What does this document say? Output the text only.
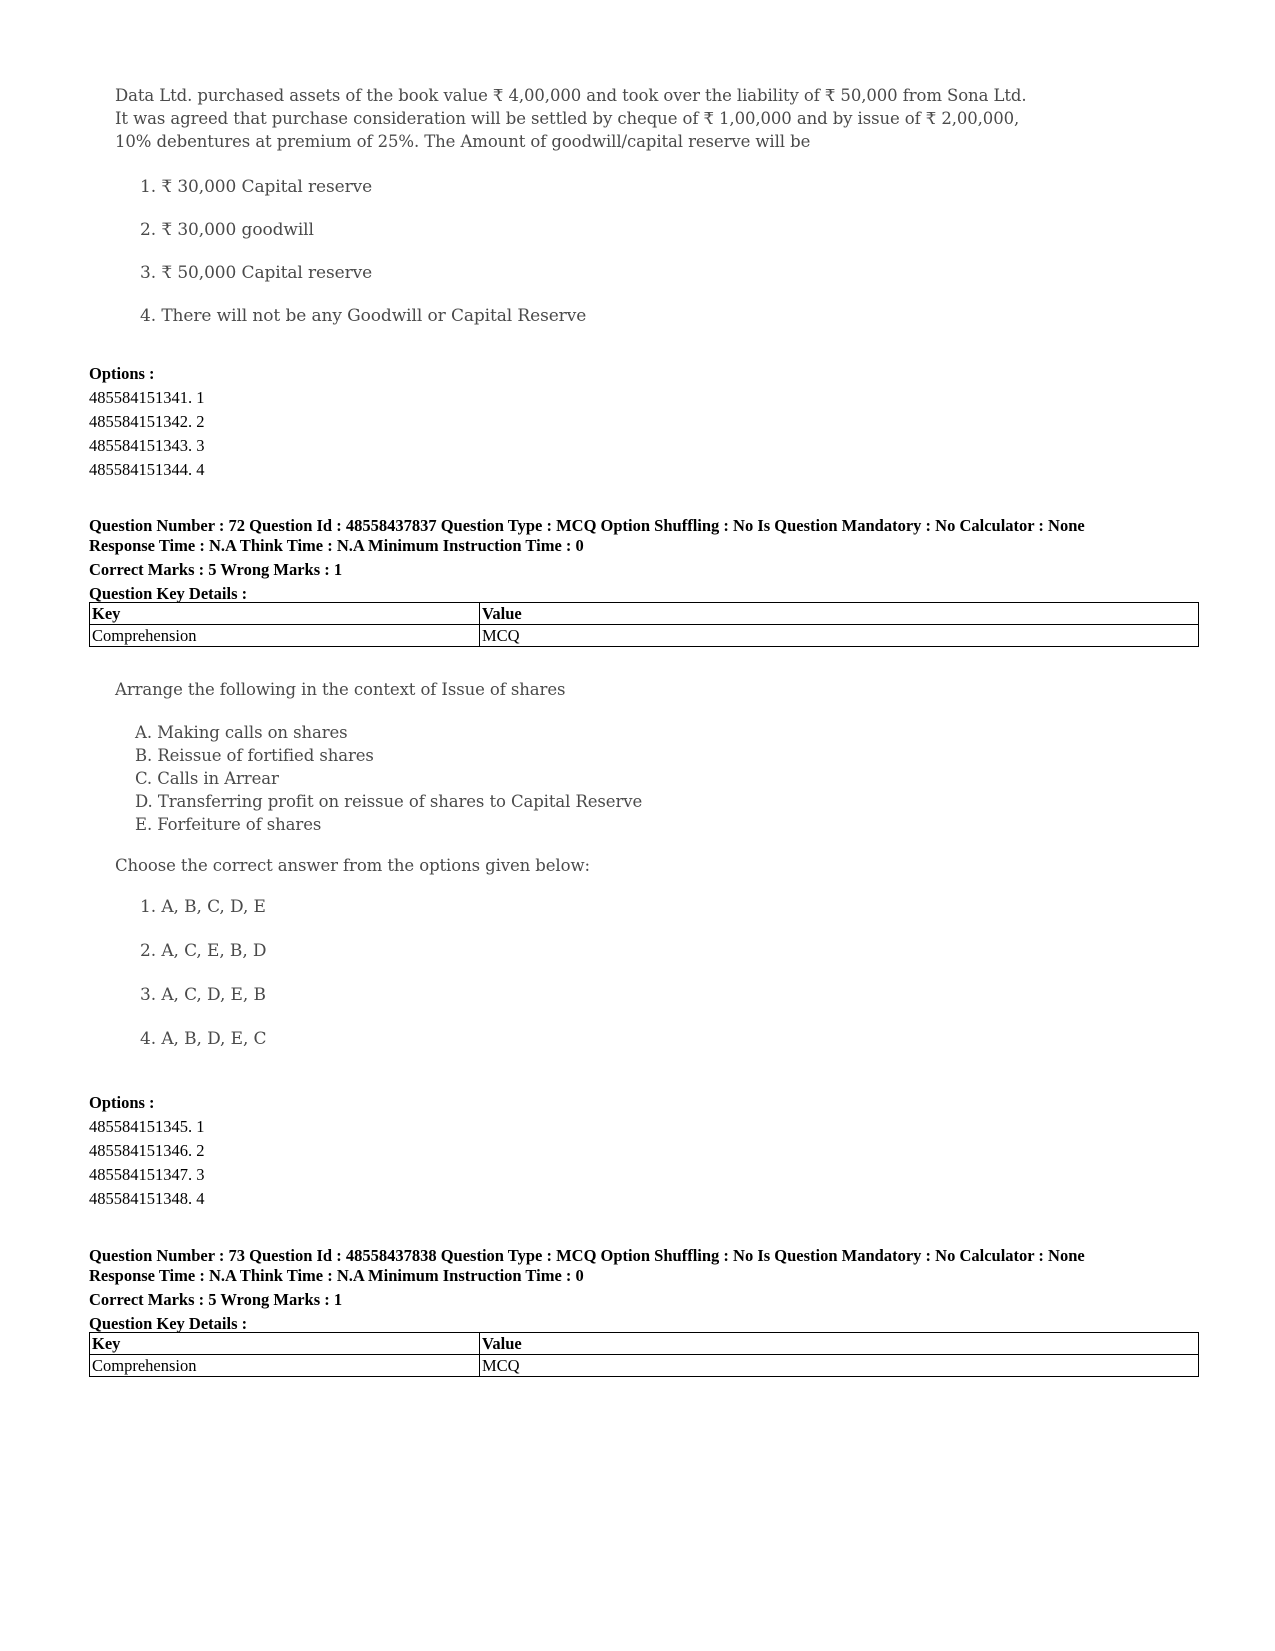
Data Ltd. purchased assets of the book value ₹ 4,00,000 and took over the liability of ₹ 50,000 from Sona Ltd.
It was agreed that purchase consideration will be settled by cheque of ₹ 1,00,000 and by issue of ₹ 2,00,000,
10% debentures at premium of 25%. The Amount of goodwill/capital reserve will be
1. ₹ 30,000 Capital reserve
2. ₹ 30,000 goodwill
3. ₹ 50,000 Capital reserve
4. There will not be any Goodwill or Capital Reserve
Options :
485584151341. 1
485584151342. 2
485584151343. 3
485584151344. 4
Question Number : 72 Question Id : 48558437837 Question Type : MCQ Option Shuffling : No Is Question Mandatory : No Calculator : None
Response Time : N.A Think Time : N.A Minimum Instruction Time : 0
Correct Marks : 5 Wrong Marks : 1
Question Key Details :
Key	Value
Comprehension	MCQ
Arrange the following in the context of Issue of shares
A. Making calls on shares
B. Reissue of fortified shares
C. Calls in Arrear
D. Transferring profit on reissue of shares to Capital Reserve
E. Forfeiture of shares
Choose the correct answer from the options given below:
1. A, B, C, D, E
2. A, C, E, B, D
3. A, C, D, E, B
4. A, B, D, E, C
Options :
485584151345. 1
485584151346. 2
485584151347. 3
485584151348. 4
Question Number : 73 Question Id : 48558437838 Question Type : MCQ Option Shuffling : No Is Question Mandatory : No Calculator : None
Response Time : N.A Think Time : N.A Minimum Instruction Time : 0
Correct Marks : 5 Wrong Marks : 1
Question Key Details :
Key	Value
Comprehension	MCQ
